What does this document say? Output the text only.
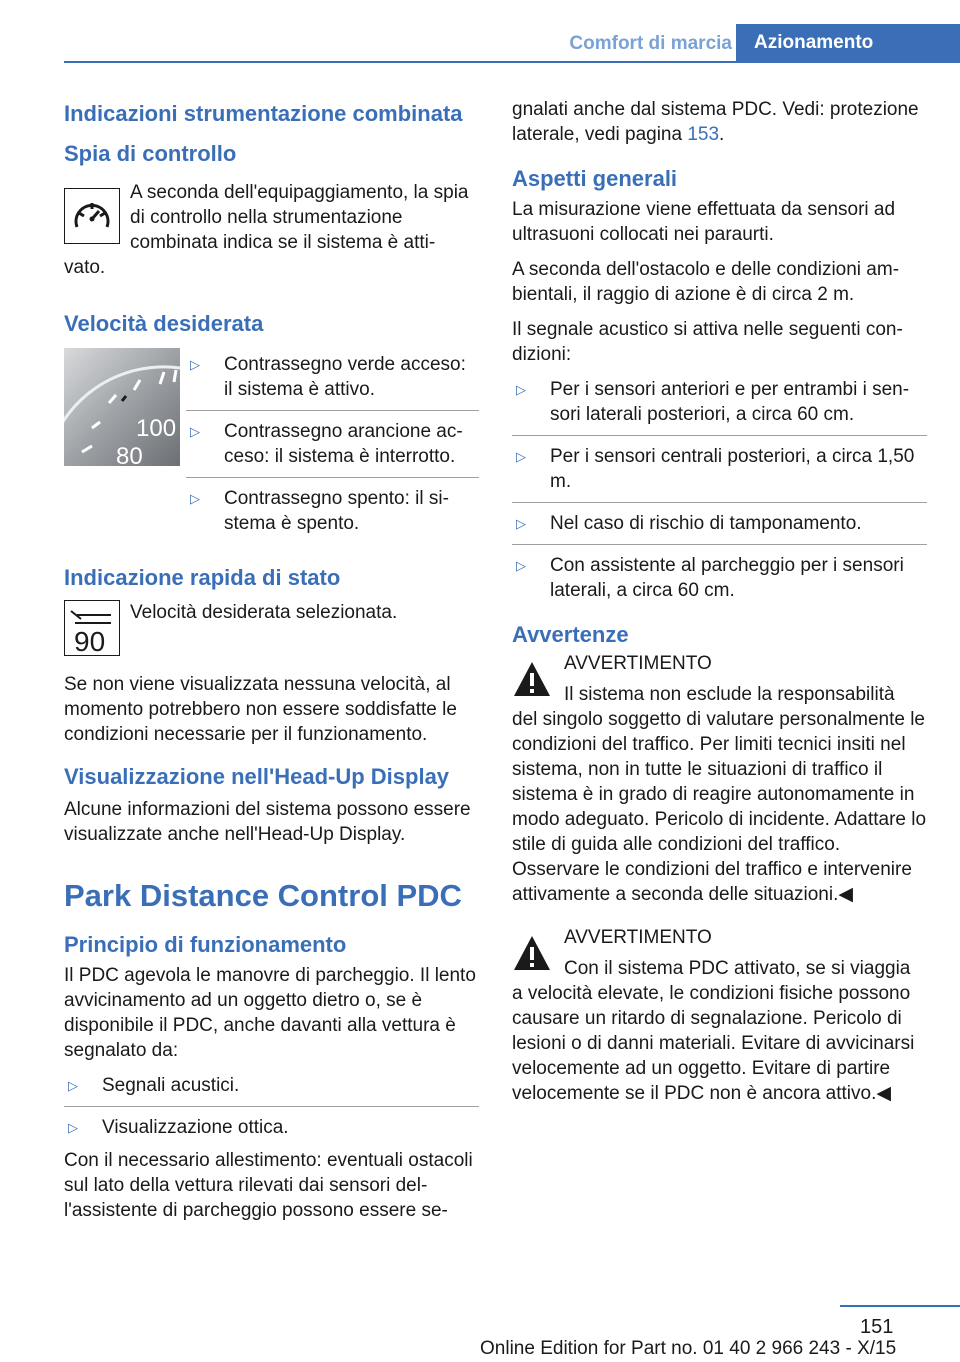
Comfort di marcia	Azionamento
Indicazioni strumentazione combinata
Spia di controllo
A seconda dell'equipaggiamento, la spia di controllo nella strumentazione combinata indica se il sistema è atti-
vato.
Velocità desiderata
100
80
▷	Contrassegno verde acceso: il sistema è attivo.
▷	Contrassegno arancione acceso: il sistema è interrotto.
▷	Contrassegno spento: il sistema è spento.
Indicazione rapida di stato
90
Velocità desiderata selezionata.
Se non viene visualizzata nessuna velocità, al momento potrebbero non essere soddisfatte le condizioni necessarie per il funzionamento.
Visualizzazione nell'Head-Up Display
Alcune informazioni del sistema possono essere visualizzate anche nell'Head-Up Display.
Park Distance Control PDC
Principio di funzionamento
Il PDC agevola le manovre di parcheggio. Il lento avvicinamento ad un oggetto dietro o, se è disponibile il PDC, anche davanti alla vettura è segnalato da:
▷	Segnali acustici.
▷	Visualizzazione ottica.
Con il necessario allestimento: eventuali ostacoli sul lato della vettura rilevati dai sensori dell'assistente di parcheggio possono essere se-
gnalati anche dal sistema PDC. Vedi: protezione laterale, vedi pagina 153.
Aspetti generali
La misurazione viene effettuata da sensori ad ultrasuoni collocati nei paraurti.
A seconda dell'ostacolo e delle condizioni ambientali, il raggio di azione è di circa 2 m.
Il segnale acustico si attiva nelle seguenti condizioni:
▷	Per i sensori anteriori e per entrambi i sensori laterali posteriori, a circa 60 cm.
▷	Per i sensori centrali posteriori, a circa 1,50 m.
▷	Nel caso di rischio di tamponamento.
▷	Con assistente al parcheggio per i sensori laterali, a circa 60 cm.
Avvertenze
AVVERTIMENTO
Il sistema non esclude la responsabilità
del singolo soggetto di valutare personalmente le condizioni del traffico. Per limiti tecnici insiti nel sistema, non in tutte le situazioni di traffico il sistema è in grado di reagire autonomamente in modo adeguato. Pericolo di incidente. Adattare lo stile di guida alle condizioni del traffico. Osservare le condizioni del traffico e intervenire attivamente a seconda delle situazioni.◀
AVVERTIMENTO
Con il sistema PDC attivato, se si viaggia
a velocità elevate, le condizioni fisiche possono causare un ritardo di segnalazione. Pericolo di lesioni o di danni materiali. Evitare di avvicinarsi velocemente ad un oggetto. Evitare di partire velocemente se il PDC non è ancora attivo.◀
151
Online Edition for Part no. 01 40 2 966 243 - X/15
